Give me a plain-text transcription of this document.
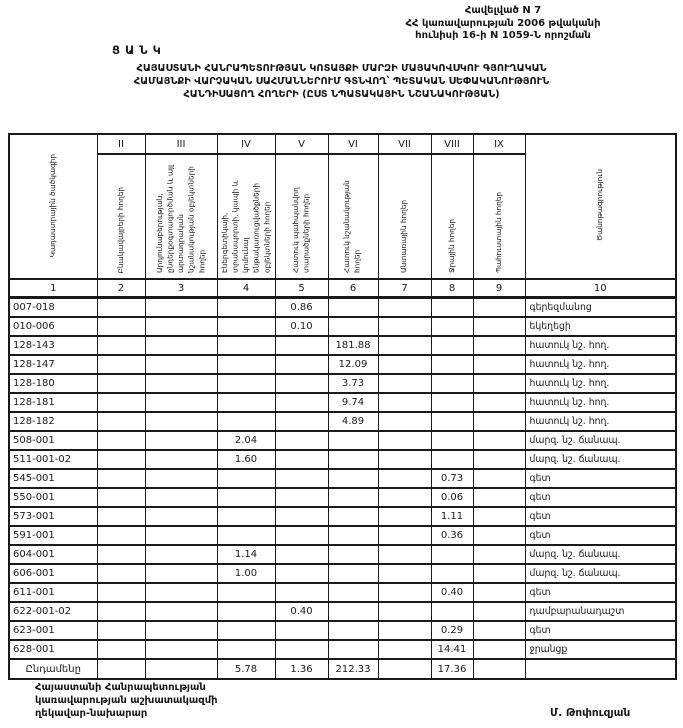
Հավելված N 7
ՀՀ կառավարության 2006 թվականի
հունիսի 16-ի N 1059-Ն որոշման
ՑԱՆԿ
ՀԱՅԱՍՏԱՆԻ ՀԱՆՐԱՊԵՏՈՒԹՅԱՆ ԿՈՏԱՅՔԻ ՄԱՐԶԻ ՄԱՅԱԿՈՎՍԿՈՒ ԳՅՈՒՂԱԿԱՆ
ՀԱՄԱՅՆՔԻ ՎԱՐՉԱԿԱՆ ՍԱՀՄԱՆՆԵՐՈՒՄ ԳՏՆՎՈՂ՝ ՊԵՏԱԿԱՆ ՍԵՓԱԿԱՆՈՒԹՅՈՒՆ
ՀԱՆԴԻՍԱՑՈՂ ՀՈՂԵՐԻ (ԸՍՏ ՆՊԱՏԱԿԱՅԻՆ ՆՇԱՆԱԿՈՒԹՅԱՆ)
Կադաստրային ծածկագիր	II	III	IV	V	VI	VII	VIII	IX	Ծանոթագրություն
	Բնակավայրերի հողեր	Արդյունաբերության, ընդերքօգտագործման և այլ արտադրական նշանակության օբյեկտների հողեր	Էներգետիկայի, տրանսպորտի, կապի և կոմունալ ենթակառուցվածքների օբյեկտների հողեր	Հատուկ պահպանվող տարածքների հողեր	Հատուկ նշանակության հողեր	Անտառային հողեր	Ջրային հողեր	Պահուստային հողեր	
1	2	3	4	5	6	7	8	9	10
007-018				0.86					գերեզմանոց
010-006				0.10					եկեղեցի
128-143					181.88				հատուկ նշ. հող.
128-147					12.09				հատուկ նշ. հող.
128-180					3.73				հատուկ նշ. հող.
128-181					9.74				հատուկ նշ. հող.
128-182					4.89				հատուկ նշ. հող.
508-001			2.04						մարզ. նշ. ճանապ.
511-001-02			1.60						մարզ. նշ. ճանապ.
545-001							0.73		գետ
550-001							0.06		գետ
573-001							1.11		գետ
591-001							0.36		գետ
604-001			1.14						մարզ. նշ. ճանապ.
606-001			1.00						մարզ. նշ. ճանապ.
611-001							0.40		գետ
622-001-02				0.40					դամբարանադաշտ
623-001							0.29		գետ
628-001							14.41		ջրանցք
Ընդամենը			5.78	1.36	212.33		17.36		
Հայաստանի Հանրապետության
կառավարության աշխատակազմի
ղեկավար-նախարար	Մ. Թոփուզյան
